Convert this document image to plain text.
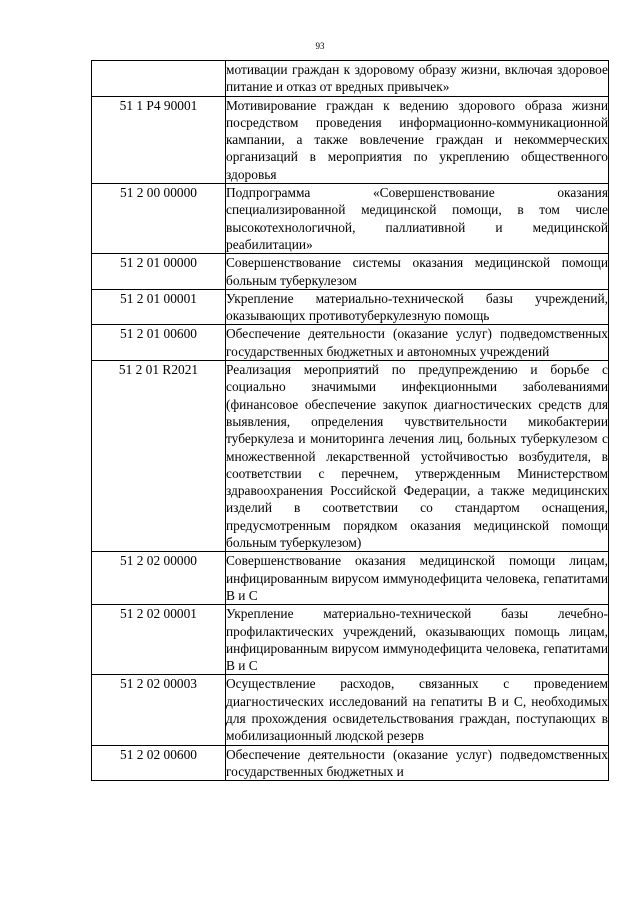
93
	мотивации граждан к здоровому образу жизни, включая здоровое питание и отказ от вредных привычек»
51 1 P4 90001	Мотивирование граждан к ведению здорового образа жизни посредством проведения информационно-коммуникационной кампании, а также вовлечение граждан и некоммерческих организаций в мероприятия по укреплению общественного здоровья
51 2 00 00000	Подпрограмма «Совершенствование оказания специализированной медицинской помощи, в том числе высокотехнологичной, паллиативной и медицинской реабилитации»
51 2 01 00000	Совершенствование системы оказания медицинской помощи больным туберкулезом
51 2 01 00001	Укрепление материально-технической базы учреждений, оказывающих противотуберкулезную помощь
51 2 01 00600	Обеспечение деятельности (оказание услуг) подведомственных государственных бюджетных и автономных учреждений
51 2 01 R2021	Реализация мероприятий по предупреждению и борьбе с социально значимыми инфекционными заболеваниями (финансовое обеспечение закупок диагностических средств для выявления, определения чувствительности микобактерии туберкулеза и мониторинга лечения лиц, больных туберкулезом с множественной лекарственной устойчивостью возбудителя, в соответствии с перечнем, утвержденным Министерством здравоохранения Российской Федерации, а также медицинских изделий в соответствии со стандартом оснащения, предусмотренным порядком оказания медицинской помощи больным туберкулезом)
51 2 02 00000	Совершенствование оказания медицинской помощи лицам, инфицированным вирусом иммунодефицита человека, гепатитами В и С
51 2 02 00001	Укрепление материально-технической базы лечебно-профилактических учреждений, оказывающих помощь лицам, инфицированным вирусом иммунодефицита человека, гепатитами В и С
51 2 02 00003	Осуществление расходов, связанных с проведением диагностических исследований на гепатиты В и С, необходимых для прохождения освидетельствования граждан, поступающих в мобилизационный людской резерв
51 2 02 00600	Обеспечение деятельности (оказание услуг) подведомственных государственных бюджетных и
